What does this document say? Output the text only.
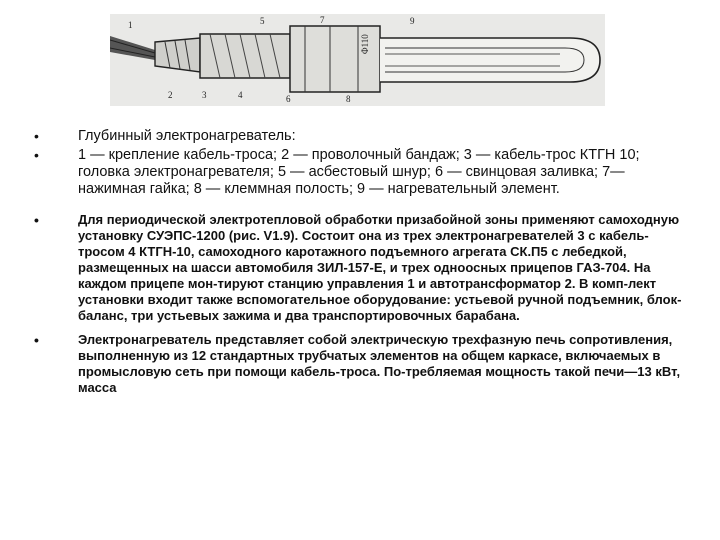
Φ110
1
2	3	4
5
6
7
8
9
•	Глубинный электронагреватель:
•	1 — крепление кабель-троса; 2 — проволочный бандаж; 3 — кабель-трос КТГН 10; головка электронагревателя; 5 — асбестовый шнур; 6 — свинцовая заливка; 7— нажимная гайка; 8 — клеммная полость; 9 — нагревательный элемент.
•	Для периодической электротепловой обработки призабойной зоны применяют самоходную установку СУЭПС-1200 (рис. V1.9). Состоит она из трех электронагревателей 3 с кабель-тросом 4 КТГН-10, самоходного каротажного подъемного агрегата СК.П5 с лебедкой, размещенных на шасси автомобиля ЗИЛ-157-Е, и трех одноосных прицепов ГАЗ-704. На каждом прицепе мон-тируют станцию управления 1 и автотрансформатор 2. В комп-лект установки входит также вспомогательное оборудование: устьевой ручной подъемник, блок-баланс, три устьевых зажима и два транспортировочных барабана.
•	Электронагреватель представляет собой электрическую трехфазную печь сопротивления, выполненную из 12 стандартных трубчатых элементов на общем каркасе, включаемых в промысловую сеть при помощи кабель-троса. По-требляемая мощность такой печи—13 кВт, масса
